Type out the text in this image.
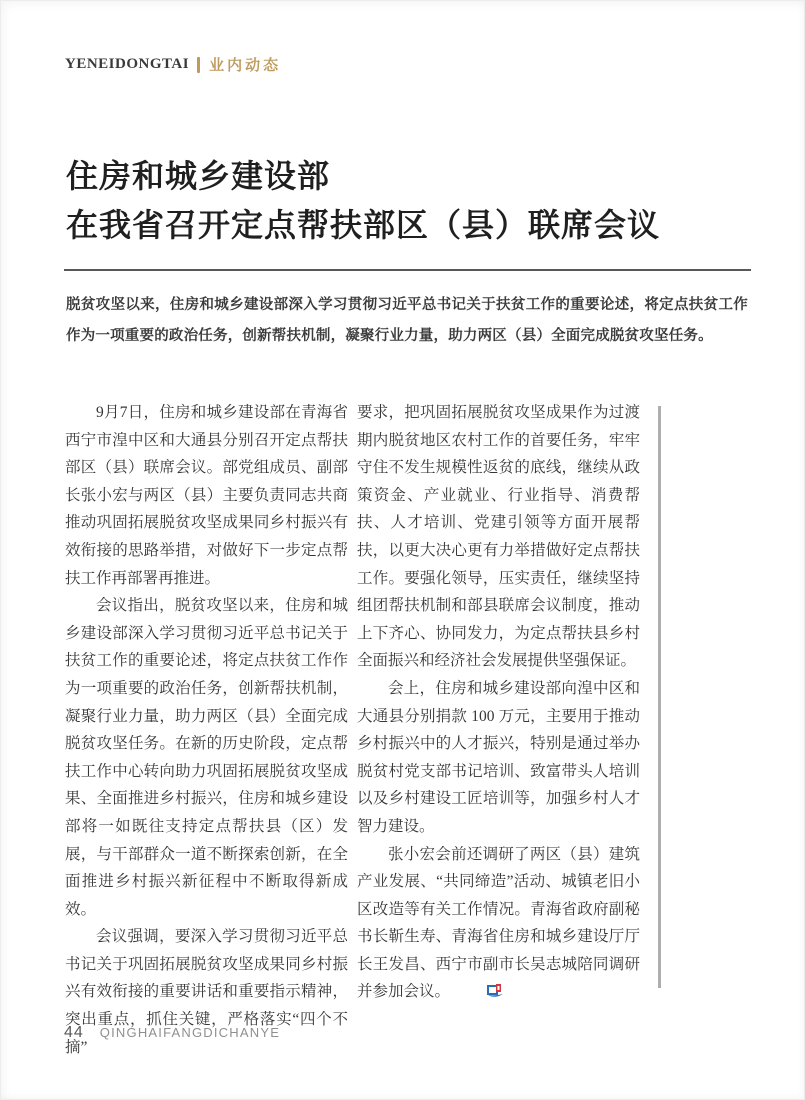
YENEIDONGTAI 业内动态
住房和城乡建设部
在我省召开定点帮扶部区（县）联席会议

脱贫攻坚以来，住房和城乡建设部深入学习贯彻习近平总书记关于扶贫工作的重要论述，将定点扶贫工作作为一项重要的政治任务，创新帮扶机制，凝聚行业力量，助力两区（县）全面完成脱贫攻坚任务。

9月7日，住房和城乡建设部在青海省西宁市湟中区和大通县分别召开定点帮扶部区（县）联席会议。部党组成员、副部长张小宏与两区（县）主要负责同志共商推动巩固拓展脱贫攻坚成果同乡村振兴有效衔接的思路举措，对做好下一步定点帮扶工作再部署再推进。

会议指出，脱贫攻坚以来，住房和城乡建设部深入学习贯彻习近平总书记关于扶贫工作的重要论述，将定点扶贫工作作为一项重要的政治任务，创新帮扶机制，凝聚行业力量，助力两区（县）全面完成脱贫攻坚任务。在新的历史阶段，定点帮扶工作中心转向助力巩固拓展脱贫攻坚成果、全面推进乡村振兴，住房和城乡建设部将一如既往支持定点帮扶县（区）发展，与干部群众一道不断探索创新，在全面推进乡村振兴新征程中不断取得新成效。

会议强调，要深入学习贯彻习近平总书记关于巩固拓展脱贫攻坚成果同乡村振兴有效衔接的重要讲话和重要指示精神，突出重点，抓住关键，严格落实“四个不摘”

要求，把巩固拓展脱贫攻坚成果作为过渡期内脱贫地区农村工作的首要任务，牢牢守住不发生规模性返贫的底线，继续从政策资金、产业就业、行业指导、消费帮扶、人才培训、党建引领等方面开展帮扶，以更大决心更有力举措做好定点帮扶工作。要强化领导，压实责任，继续坚持组团帮扶机制和部县联席会议制度，推动上下齐心、协同发力，为定点帮扶县乡村全面振兴和经济社会发展提供坚强保证。

会上，住房和城乡建设部向湟中区和大通县分别捐款 100 万元，主要用于推动乡村振兴中的人才振兴，特别是通过举办脱贫村党支部书记培训、致富带头人培训以及乡村建设工匠培训等，加强乡村人才智力建设。

张小宏会前还调研了两区（县）建筑产业发展、“共同缔造”活动、城镇老旧小区改造等有关工作情况。青海省政府副秘书长靳生寿、青海省住房和城乡建设厅厅长王发昌、西宁市副市长吴志城陪同调研并参加会议。

44 QINGHAIFANGDICHANYE
